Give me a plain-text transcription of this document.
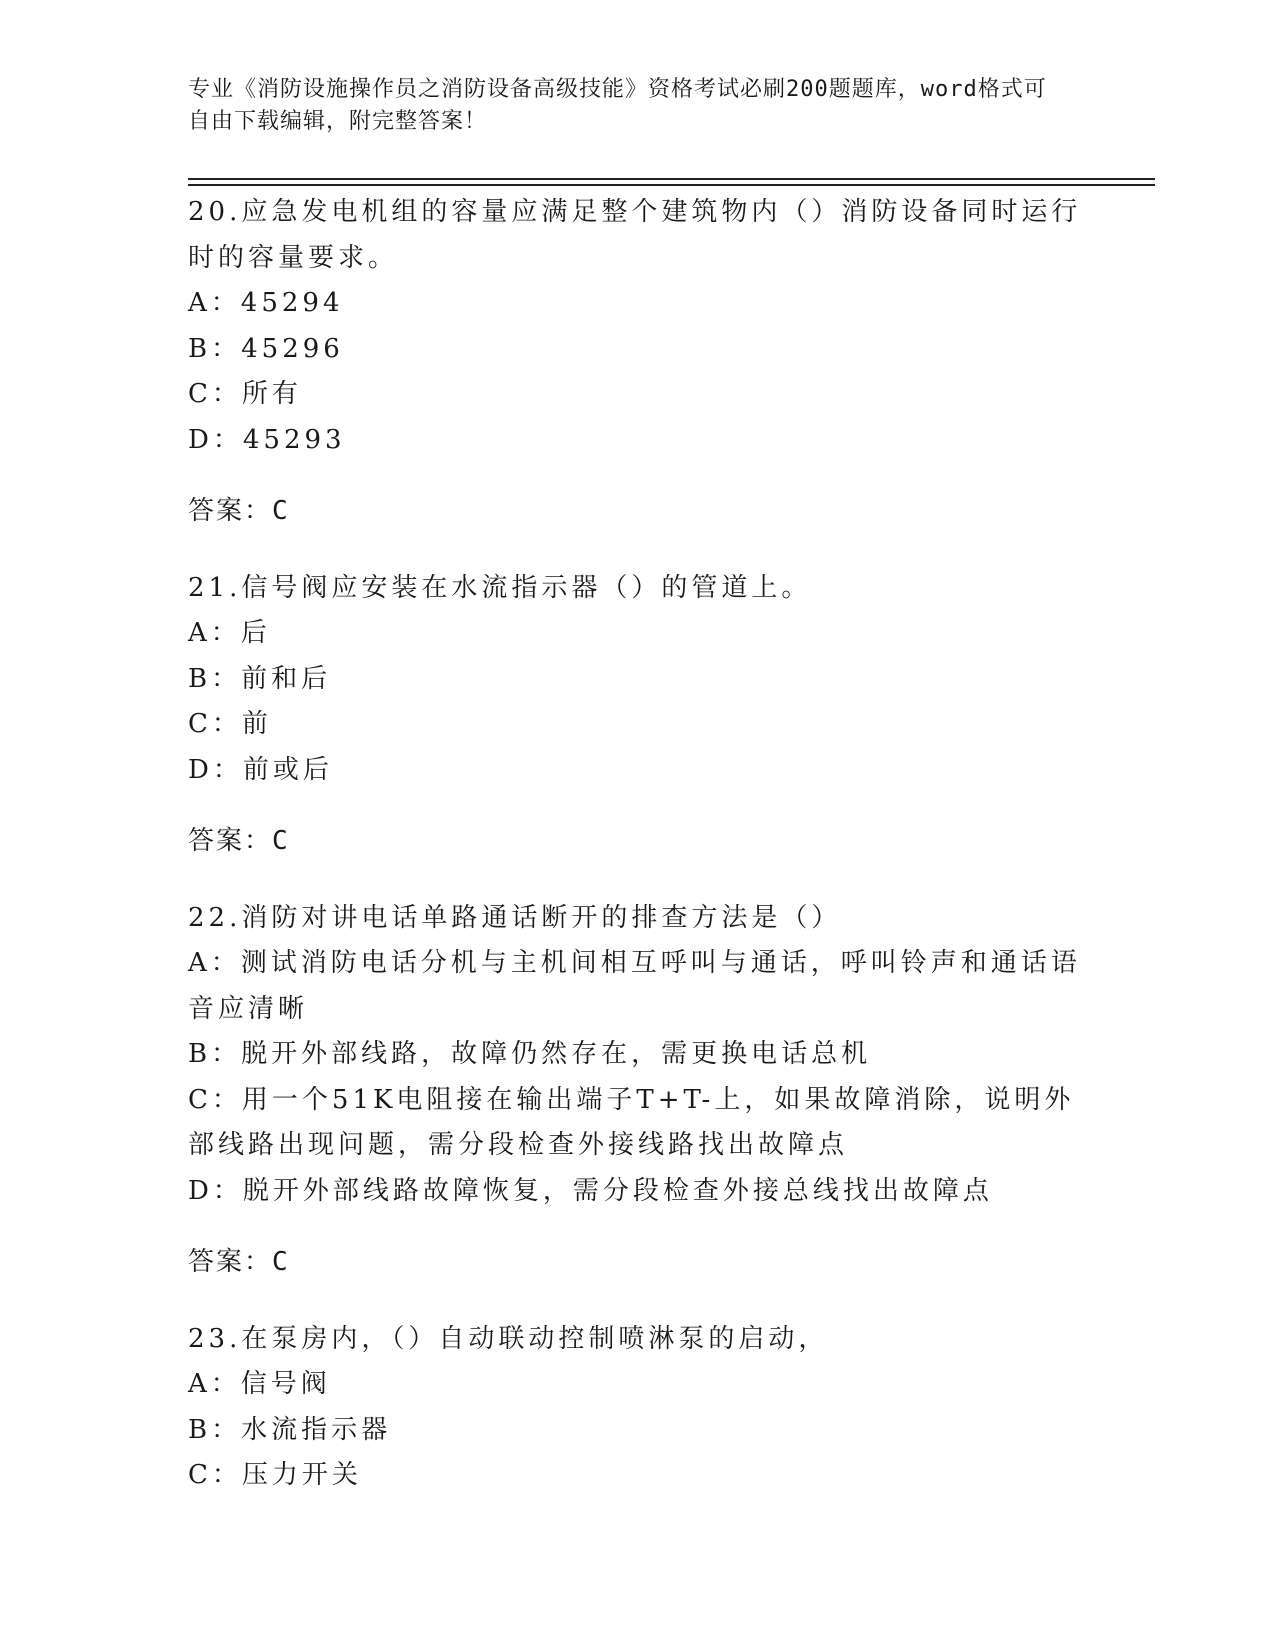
专业《消防设施操作员之消防设备高级技能》资格考试必刷200题题库，word格式可自由下载编辑，附完整答案！

20.应急发电机组的容量应满足整个建筑物内（）消防设备同时运行时的容量要求。

A：45294

B：45296

C：所有

D：45293

答案：C

21.信号阀应安装在水流指示器（）的管道上。

A：后

B：前和后

C：前

D：前或后

答案：C

22.消防对讲电话单路通话断开的排查方法是（）

A：测试消防电话分机与主机间相互呼叫与通话，呼叫铃声和通话语音应清晰

B：脱开外部线路，故障仍然存在，需更换电话总机

C：用一个51K电阻接在输出端子T+T-上，如果故障消除，说明外部线路出现问题，需分段检查外接线路找出故障点

D：脱开外部线路故障恢复，需分段检查外接总线找出故障点

答案：C

23.在泵房内，（）自动联动控制喷淋泵的启动，

A：信号阀

B：水流指示器

C：压力开关
